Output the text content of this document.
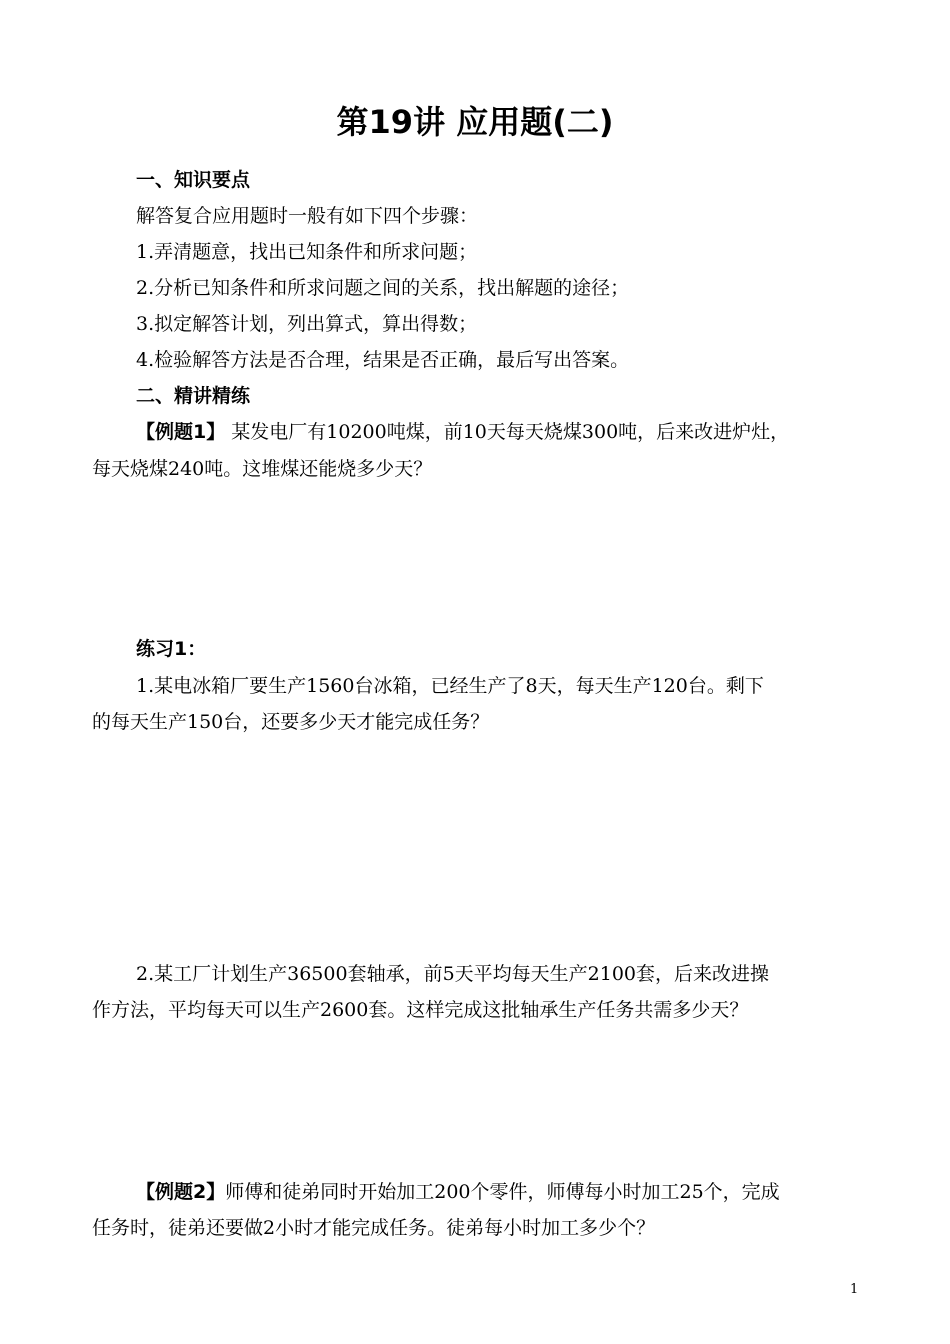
第19讲 应用题(二)
一、知识要点
解答复合应用题时一般有如下四个步骤：
1.弄清题意，找出已知条件和所求问题；
2.分析已知条件和所求问题之间的关系，找出解题的途径；
3.拟定解答计划，列出算式，算出得数；
4.检验解答方法是否合理，结果是否正确，最后写出答案。
二、精讲精练
【例题1】 某发电厂有10200吨煤，前10天每天烧煤300吨，后来改进炉灶，
每天烧煤240吨。这堆煤还能烧多少天？
练习1：
1.某电冰箱厂要生产1560台冰箱，已经生产了8天，每天生产120台。剩下
的每天生产150台，还要多少天才能完成任务？
2.某工厂计划生产36500套轴承，前5天平均每天生产2100套，后来改进操
作方法，平均每天可以生产2600套。这样完成这批轴承生产任务共需多少天？
【例题2】师傅和徒弟同时开始加工200个零件，师傅每小时加工25个，完成
任务时，徒弟还要做2小时才能完成任务。徒弟每小时加工多少个？
1
